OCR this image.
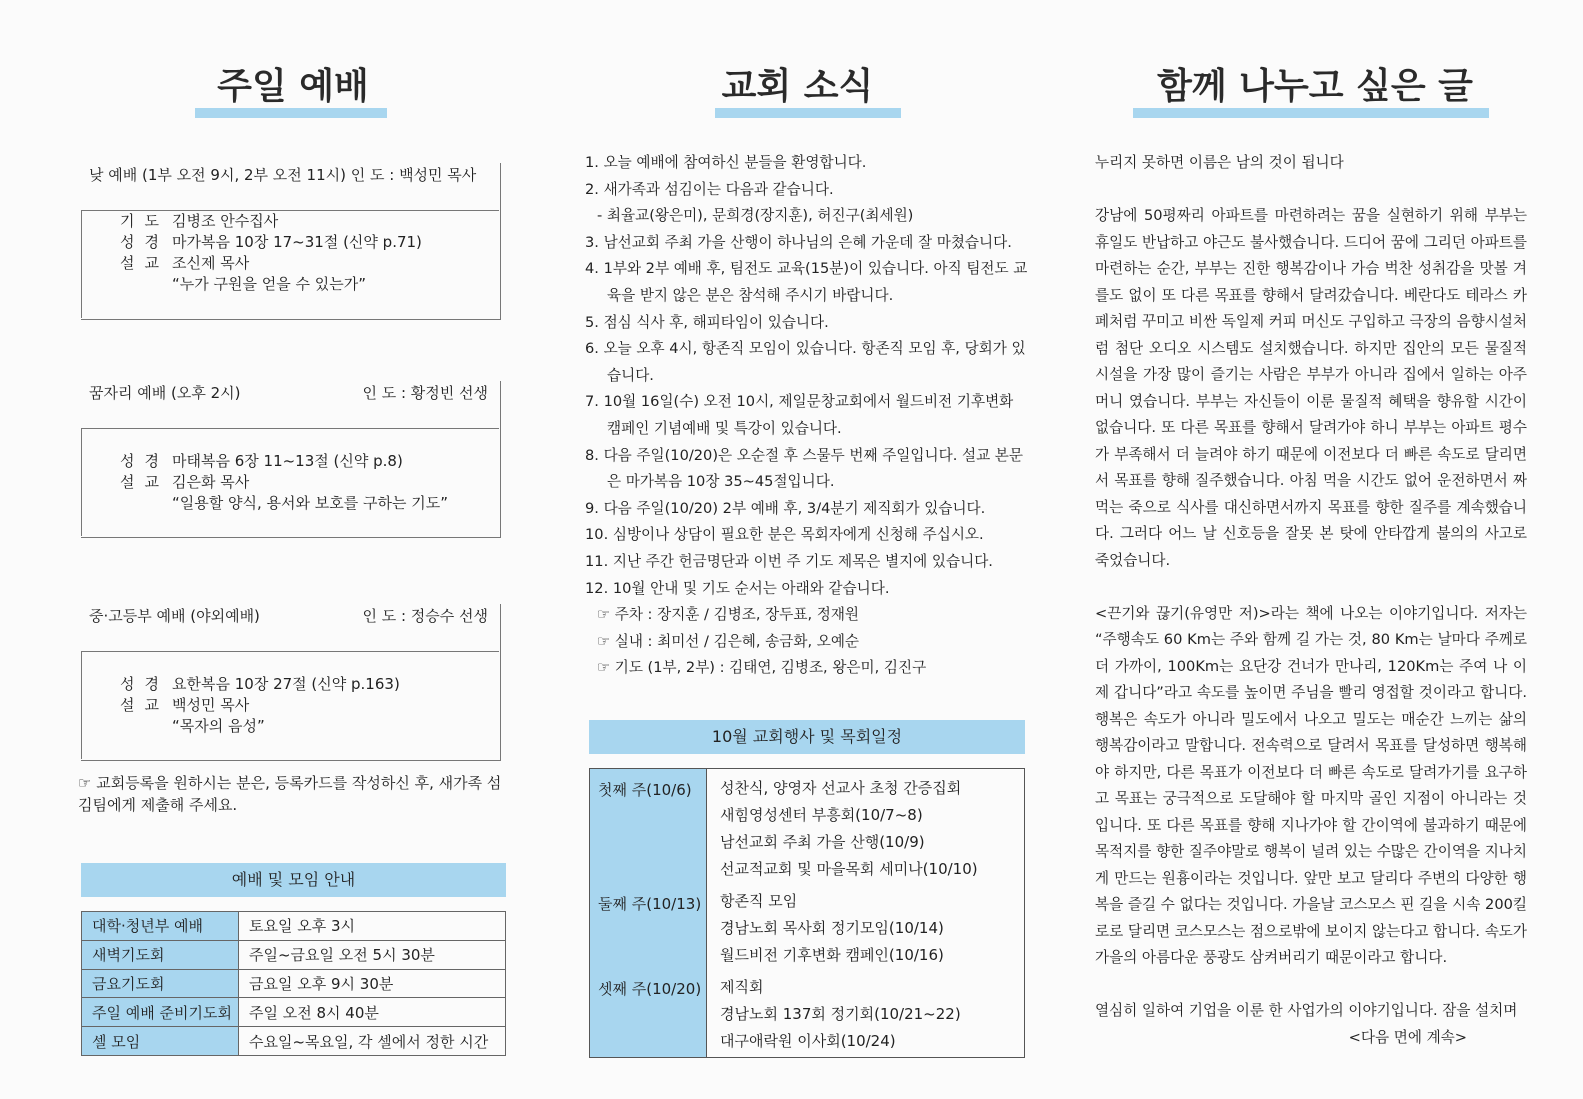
주일 예배
낮 예배 (1부 오전 9시, 2부 오전 11시) 인 도 : 백성민 목사
기도 김병조 안수집사
성경 마가복음 10장 17~31절 (신약 p.71)
설교 조신제 목사
“누가 구원을 얻을 수 있는가”
꿈자리 예배 (오후 2시)	인 도 : 황정빈 선생
성경 마태복음 6장 11~13절 (신약 p.8)
설교 김은화 목사
“일용할 양식, 용서와 보호를 구하는 기도”
중·고등부 예배 (야외예배)	인 도 : 정승수 선생
성경 요한복음 10장 27절 (신약 p.163)
설교 백성민 목사
“목자의 음성”
☞ 교회등록을 원하시는 분은, 등록카드를 작성하신 후, 새가족 섬김팀에게 제출해 주세요.
예배 및 모임 안내
대학·청년부 예배	토요일 오후 3시
새벽기도회	주일~금요일 오전 5시 30분
금요기도회	금요일 오후 9시 30분
주일 예배 준비기도회	주일 오전 8시 40분
셀 모임	수요일~목요일, 각 셀에서 정한 시간
교회 소식
1. 오늘 예배에 참여하신 분들을 환영합니다.
2. 새가족과 섬김이는 다음과 같습니다.
- 최율교(왕은미), 문희경(장지훈), 허진구(최세원)
3. 남선교회 주최 가을 산행이 하나님의 은혜 가운데 잘 마쳤습니다.
4. 1부와 2부 예배 후, 팀전도 교육(15분)이 있습니다. 아직 팀전도 교육을 받지 않은 분은 참석해 주시기 바랍니다.
5. 점심 식사 후, 해피타임이 있습니다.
6. 오늘 오후 4시, 항존직 모임이 있습니다. 항존직 모임 후, 당회가 있습니다.
7. 10월 16일(수) 오전 10시, 제일문창교회에서 월드비전 기후변화 캠페인 기념예배 및 특강이 있습니다.
8. 다음 주일(10/20)은 오순절 후 스물두 번째 주일입니다. 설교 본문은 마가복음 10장 35~45절입니다.
9. 다음 주일(10/20) 2부 예배 후, 3/4분기 제직회가 있습니다.
10. 심방이나 상담이 필요한 분은 목회자에게 신청해 주십시오.
11. 지난 주간 헌금명단과 이번 주 기도 제목은 별지에 있습니다.
12. 10월 안내 및 기도 순서는 아래와 같습니다.
☞ 주차 : 장지훈 / 김병조, 장두표, 정재원
☞ 실내 : 최미선 / 김은혜, 송금화, 오예순
☞ 기도 (1부, 2부) : 김태연, 김병조, 왕은미, 김진구
10월 교회행사 및 목회일정
첫째 주(10/6) 성찬식, 양영자 선교사 초청 간증집회
새힘영성센터 부흥회(10/7~8)
남선교회 주최 가을 산행(10/9)
선교적교회 및 마을목회 세미나(10/10)
둘째 주(10/13) 항존직 모임
경남노회 목사회 정기모임(10/14)
월드비전 기후변화 캠페인(10/16)
셋째 주(10/20) 제직회
경남노회 137회 정기회(10/21~22)
대구애락원 이사회(10/24)
함께 나누고 싶은 글

누리지 못하면 이름은 남의 것이 됩니다

강남에 50평짜리 아파트를 마련하려는 꿈을 실현하기 위해 부부는 휴일도 반납하고 야근도 불사했습니다. 드디어 꿈에 그리던 아파트를 마련하는 순간, 부부는 진한 행복감이나 가슴 벅찬 성취감을 맛볼 겨를도 없이 또 다른 목표를 향해서 달려갔습니다. 베란다도 테라스 카페처럼 꾸미고 비싼 독일제 커피 머신도 구입하고 극장의 음향시설처럼 첨단 오디오 시스템도 설치했습니다. 하지만 집안의 모든 물질적 시설을 가장 많이 즐기는 사람은 부부가 아니라 집에서 일하는 아주머니 였습니다. 부부는 자신들이 이룬 물질적 혜택을 향유할 시간이 없습니다. 또 다른 목표를 향해서 달려가야 하니 부부는 아파트 평수가 부족해서 더 늘려야 하기 때문에 이전보다 더 빠른 속도로 달리면서 목표를 향해 질주했습니다. 아침 먹을 시간도 없어 운전하면서 짜먹는 죽으로 식사를 대신하면서까지 목표를 향한 질주를 계속했습니다. 그러다 어느 날 신호등을 잘못 본 탓에 안타깝게 불의의 사고로 죽었습니다.

<끈기와 끊기(유영만 저)>라는 책에 나오는 이야기입니다. 저자는 “주행속도 60 Km는 주와 함께 길 가는 것, 80 Km는 날마다 주께로 더 가까이, 100Km는 요단강 건너가 만나리, 120Km는 주여 나 이제 갑니다”라고 속도를 높이면 주님을 빨리 영접할 것이라고 합니다. 행복은 속도가 아니라 밀도에서 나오고 밀도는 매순간 느끼는 삶의 행복감이라고 말합니다. 전속력으로 달려서 목표를 달성하면 행복해야 하지만, 다른 목표가 이전보다 더 빠른 속도로 달려가기를 요구하고 목표는 궁극적으로 도달해야 할 마지막 골인 지점이 아니라는 것입니다. 또 다른 목표를 향해 지나가야 할 간이역에 불과하기 때문에 목적지를 향한 질주야말로 행복이 널려 있는 수많은 간이역을 지나치게 만드는 원흉이라는 것입니다. 앞만 보고 달리다 주변의 다양한 행복을 즐길 수 없다는 것입니다. 가을날 코스모스 핀 길을 시속 200킬로로 달리면 코스모스는 점으로밖에 보이지 않는다고 합니다. 속도가 가을의 아름다운 풍광도 삼켜버리기 때문이라고 합니다.

열심히 일하여 기업을 이룬 한 사업가의 이야기입니다. 잠을 설치며

<다음 면에 계속>
